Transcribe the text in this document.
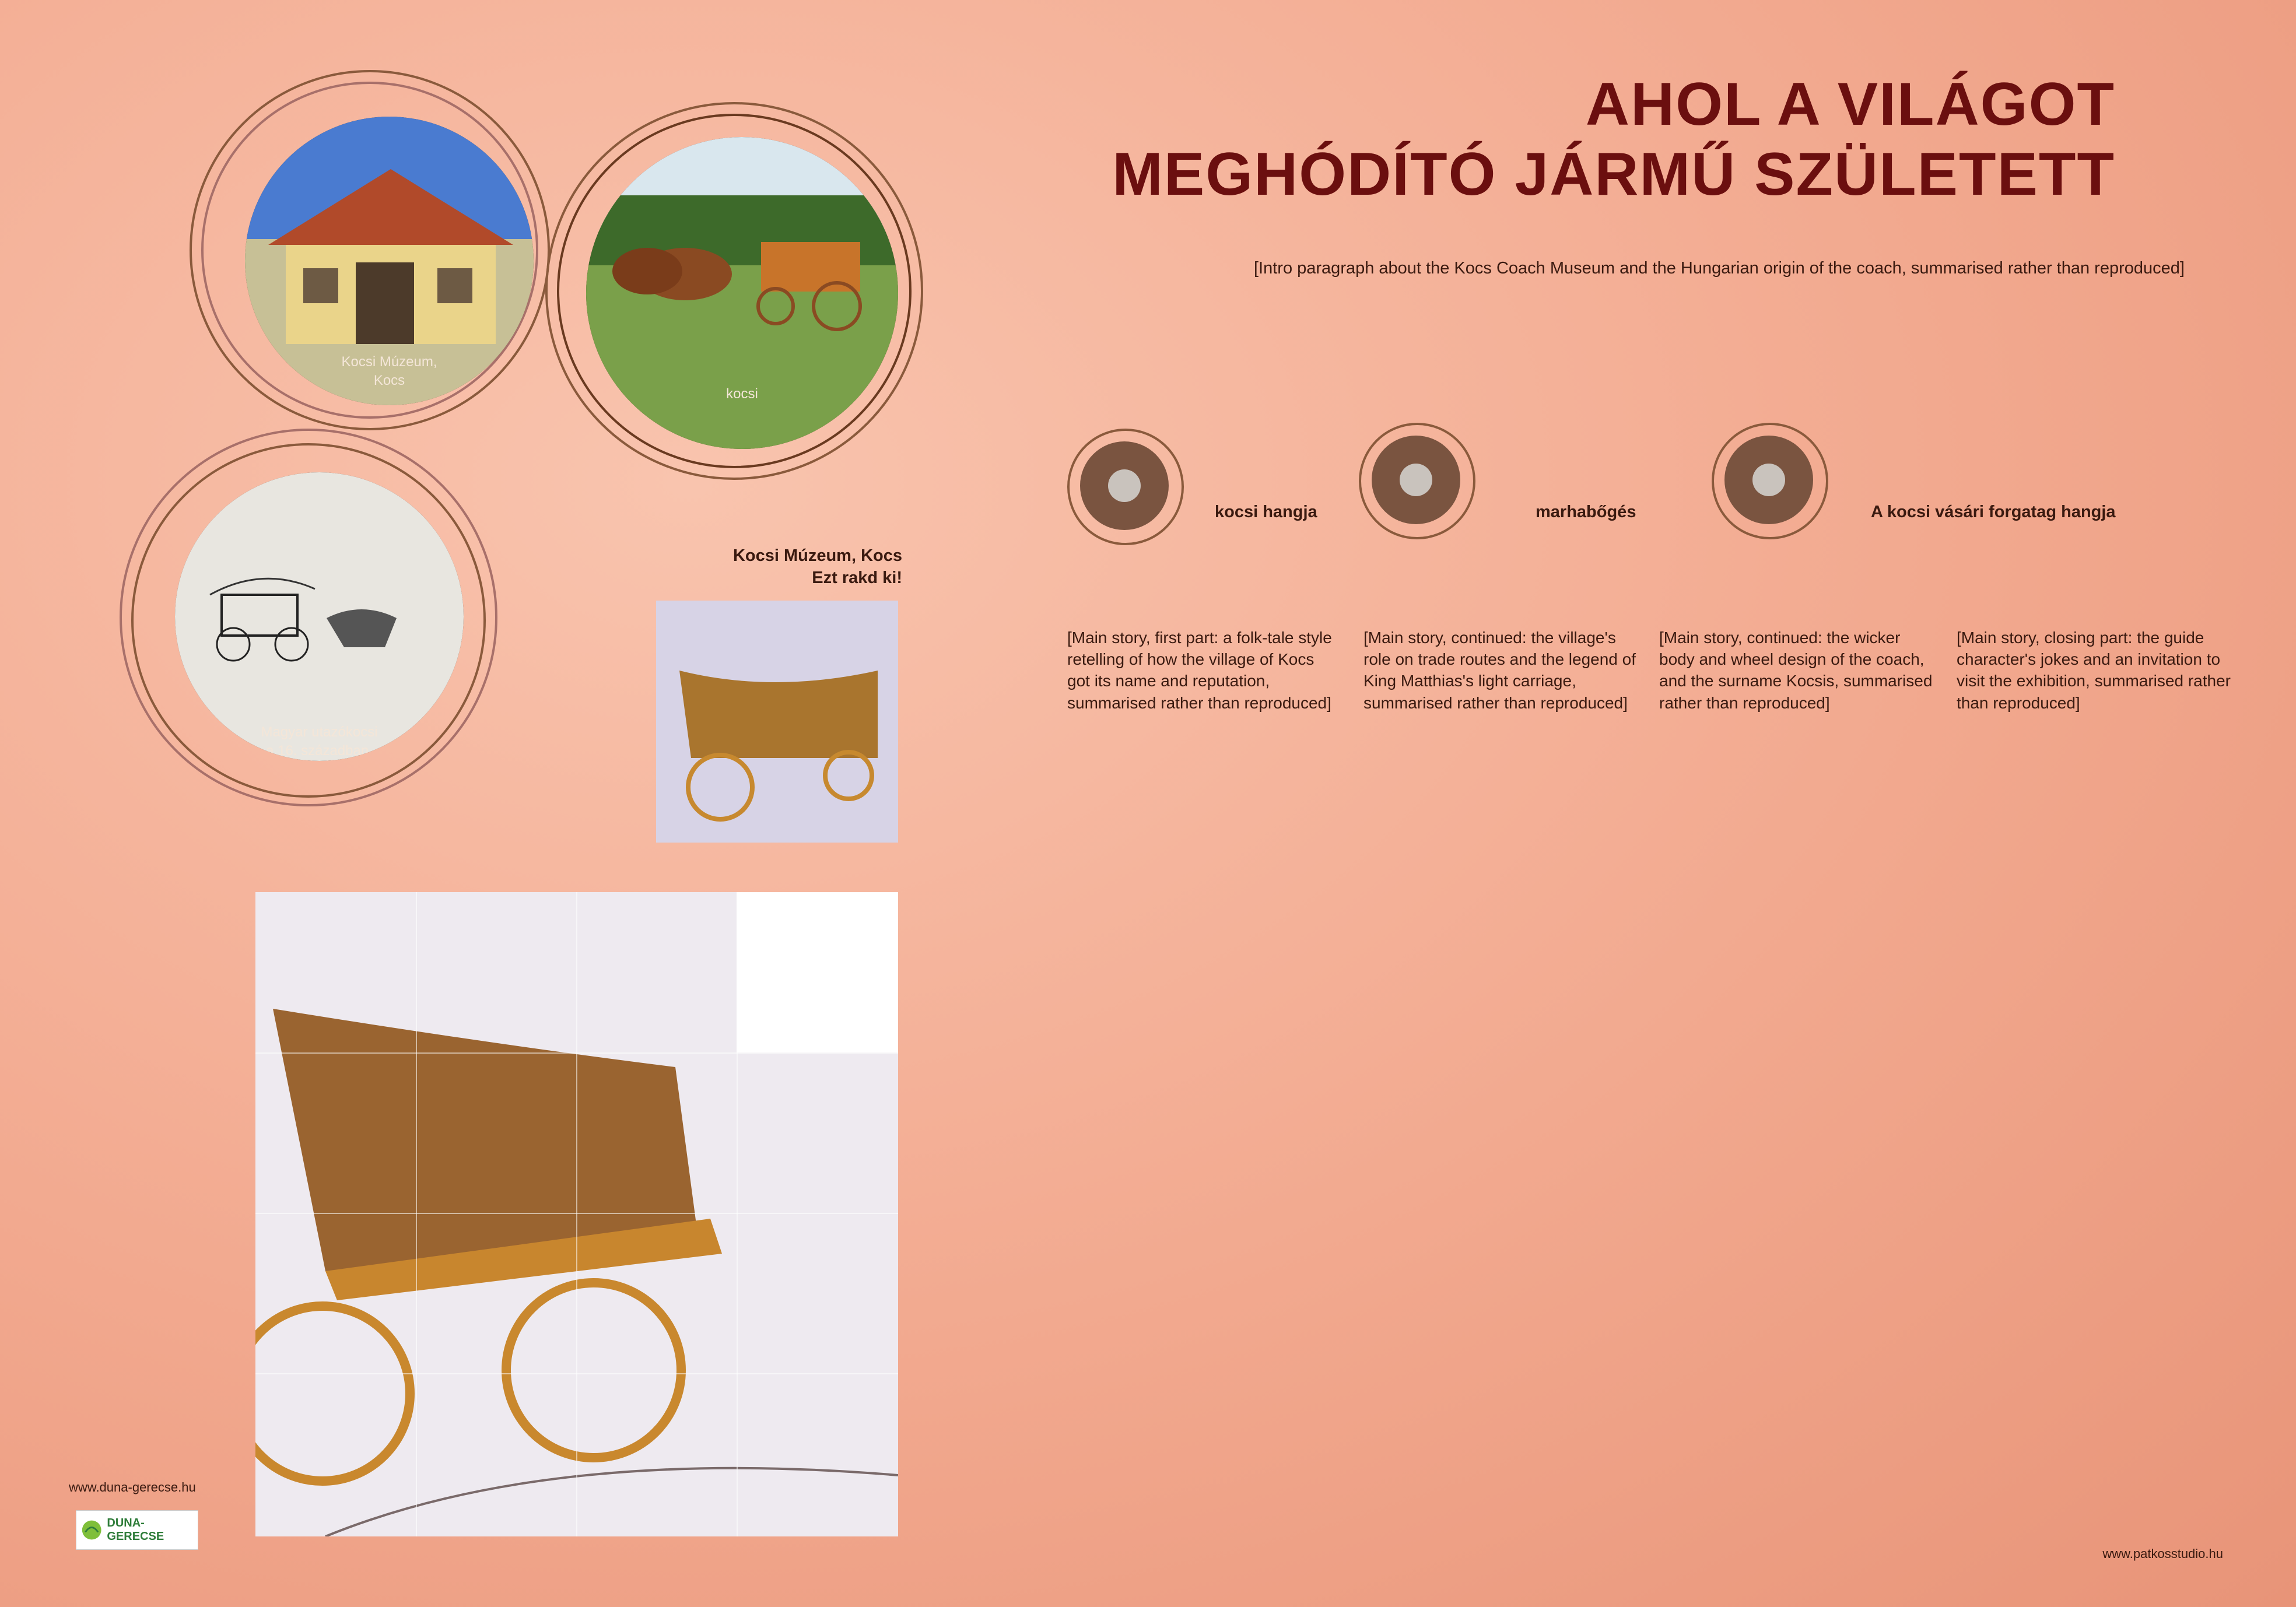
AHOL A VILÁGOT
MEGHÓDÍTÓ JÁRMŰ SZÜLETETT
[Intro paragraph about the Kocs Coach Museum and the Hungarian origin of the coach, summarised rather than reproduced]
Kocsi Múzeum,
Kocs
kocsi
Magyar utazókocsi
a 16. században.
kocsi hangja	marhabőgés	A kocsi vásári forgatag hangja
Kocsi Múzeum, Kocs
Ezt rakd ki!
[Main story, first part: a folk-tale style retelling of how the village of Kocs got its name and reputation, summarised rather than reproduced]
[Main story, continued: the village's role on trade routes and the legend of King Matthias's light carriage, summarised rather than reproduced]
[Main story, continued: the wicker body and wheel design of the coach, and the surname Kocsis, summarised rather than reproduced]
[Main story, closing part: the guide character's jokes and an invitation to visit the exhibition, summarised rather than reproduced]
www.duna-gerecse.hu
DUNA-GERECSE
www.patkosstudio.hu
